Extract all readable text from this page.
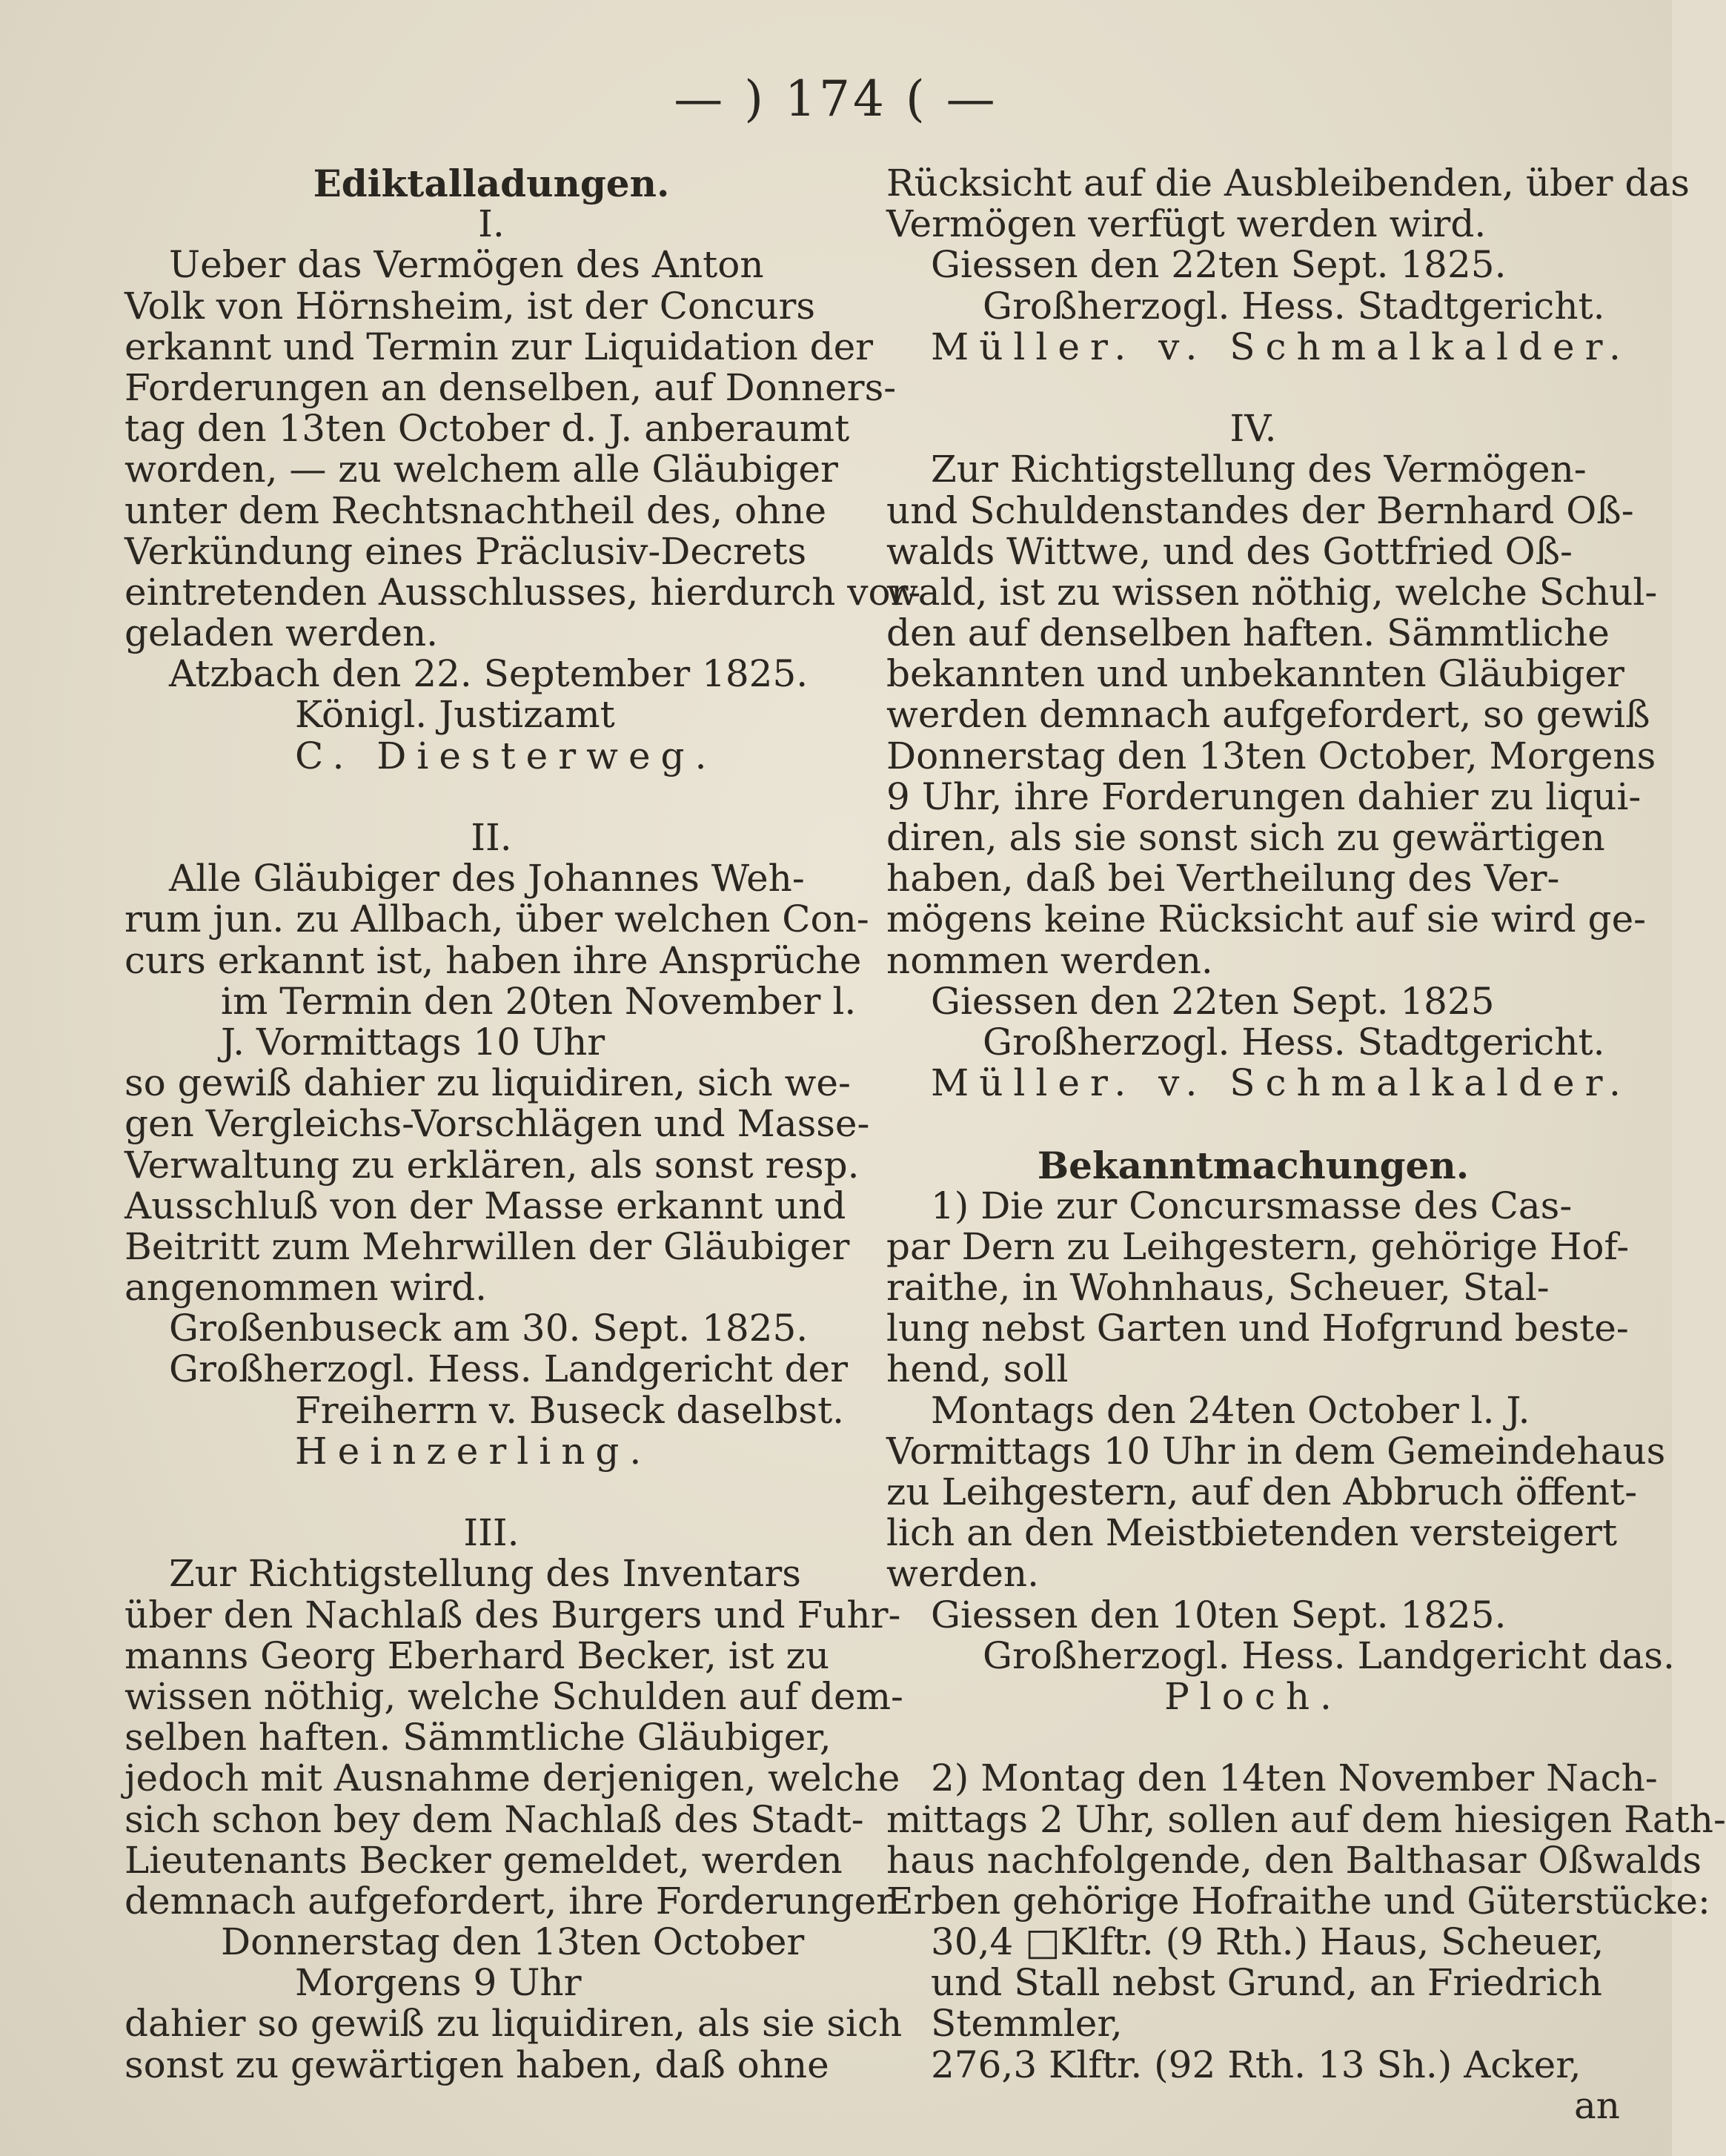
— ) 174 ( —
Ediktalladungen.
I.
Ueber das Vermögen des Anton
Volk von Hörnsheim, ist der Concurs
erkannt und Termin zur Liquidation der
Forderungen an denselben, auf Donners-
tag den 13ten October d. J. anberaumt
worden, — zu welchem alle Gläubiger
unter dem Rechtsnachtheil des, ohne
Verkündung eines Präclusiv-Decrets
eintretenden Ausschlusses, hierdurch vor-
geladen werden.
Atzbach den 22. September 1825.
Königl. Justizamt
C. Diesterweg.
II.
Alle Gläubiger des Johannes Weh-
rum jun. zu Allbach, über welchen Con-
curs erkannt ist, haben ihre Ansprüche
im Termin den 20ten November l.
J. Vormittags 10 Uhr
so gewiß dahier zu liquidiren, sich we-
gen Vergleichs-Vorschlägen und Masse-
Verwaltung zu erklären, als sonst resp.
Ausschluß von der Masse erkannt und
Beitritt zum Mehrwillen der Gläubiger
angenommen wird.
Großenbuseck am 30. Sept. 1825.
Großherzogl. Hess. Landgericht der
Freiherrn v. Buseck daselbst.
Heinzerling.
III.
Zur Richtigstellung des Inventars
über den Nachlaß des Burgers und Fuhr-
manns Georg Eberhard Becker, ist zu
wissen nöthig, welche Schulden auf dem-
selben haften. Sämmtliche Gläubiger,
jedoch mit Ausnahme derjenigen, welche
sich schon bey dem Nachlaß des Stadt-
Lieutenants Becker gemeldet, werden
demnach aufgefordert, ihre Forderungen
Donnerstag den 13ten October
Morgens 9 Uhr
dahier so gewiß zu liquidiren, als sie sich
sonst zu gewärtigen haben, daß ohne
Rücksicht auf die Ausbleibenden, über das
Vermögen verfügt werden wird.
Giessen den 22ten Sept. 1825.
Großherzogl. Hess. Stadtgericht.
Müller. v. Schmalkalder.
IV.
Zur Richtigstellung des Vermögen-
und Schuldenstandes der Bernhard Oß-
walds Wittwe, und des Gottfried Oß-
wald, ist zu wissen nöthig, welche Schul-
den auf denselben haften. Sämmtliche
bekannten und unbekannten Gläubiger
werden demnach aufgefordert, so gewiß
Donnerstag den 13ten October, Morgens
9 Uhr, ihre Forderungen dahier zu liqui-
diren, als sie sonst sich zu gewärtigen
haben, daß bei Vertheilung des Ver-
mögens keine Rücksicht auf sie wird ge-
nommen werden.
Giessen den 22ten Sept. 1825
Großherzogl. Hess. Stadtgericht.
Müller. v. Schmalkalder.
Bekanntmachungen.
1) Die zur Concursmasse des Cas-
par Dern zu Leihgestern, gehörige Hof-
raithe, in Wohnhaus, Scheuer, Stal-
lung nebst Garten und Hofgrund beste-
hend, soll
Montags den 24ten October l. J.
Vormittags 10 Uhr in dem Gemeindehaus
zu Leihgestern, auf den Abbruch öffent-
lich an den Meistbietenden versteigert
werden.
Giessen den 10ten Sept. 1825.
Großherzogl. Hess. Landgericht das.
Ploch.
2) Montag den 14ten November Nach-
mittags 2 Uhr, sollen auf dem hiesigen Rath-
haus nachfolgende, den Balthasar Oßwalds
Erben gehörige Hofraithe und Güterstücke:
30,4 □Klftr. (9 Rth.) Haus, Scheuer,
und Stall nebst Grund, an Friedrich
Stemmler,
276,3 Klftr. (92 Rth. 13 Sh.) Acker,
an
